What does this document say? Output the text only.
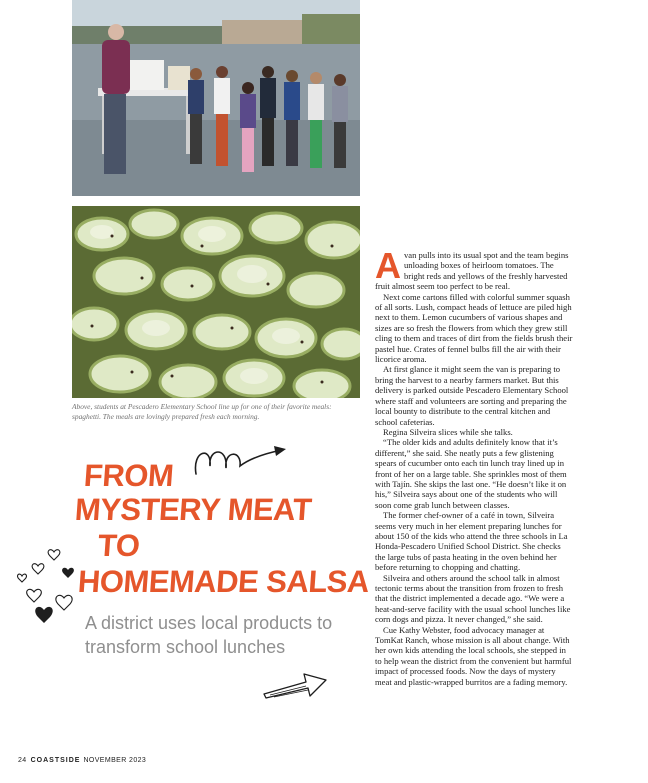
Above, students at Pescadero Elementary School line up for one of their favorite meals: spaghetti. The meals are lovingly prepared fresh each morning.
FROM
MYSTERY MEAT
TO
HOMEMADE SALSA
A district uses local products to transform school lunches

Avan pulls into its usual spot and the team begins unloading boxes of heirloom tomatoes. The bright reds and yellows of the freshly harvested fruit almost seem too perfect to be real.

Next come cartons filled with colorful summer squash of all sorts. Lush, compact heads of lettuce are piled high next to them. Lemon cucumbers of various shapes and sizes are so fresh the flowers from which they grew still cling to them and traces of dirt from the fields brush their pastel hue. Crates of fennel bulbs fill the air with their licorice aroma.

At first glance it might seem the van is preparing to bring the harvest to a nearby farmers market. But this delivery is parked outside Pescadero Elementary School where staff and volunteers are sorting and preparing the local bounty to distribute to the central kitchen and school cafeterias.

Regina Silveira slices while she talks.

“The older kids and adults definitely know that it’s different,” she said. She neatly puts a few glistening spears of cucumber onto each tin lunch tray lined up in front of her on a large table. She sprinkles most of them with Tajín. She skips the last one. “He doesn’t like it on his,” Silveira says about one of the students who will soon come grab lunch between classes.

The former chef-owner of a café in town, Silveira seems very much in her element preparing lunches for about 150 of the kids who attend the three schools in La Honda-Pescadero Unified School District. She checks the large tubs of pasta heating in the oven behind her before returning to chopping and chatting.

Silveira and others around the school talk in almost tectonic terms about the transition from frozen to fresh that the district implemented a decade ago. “We were a heat-and-serve facility with the usual school lunches like corn dogs and pizza. It never changed,” she said.

Cue Kathy Webster, food advocacy manager at TomKat Ranch, whose mission is all about change. With her own kids attending the local schools, she stepped in to help wean the district from the convenient but harmful impact of processed foods. Now the days of mystery meat and plastic-wrapped burritos are a fading memory.

24 COASTSIDE NOVEMBER 2023
